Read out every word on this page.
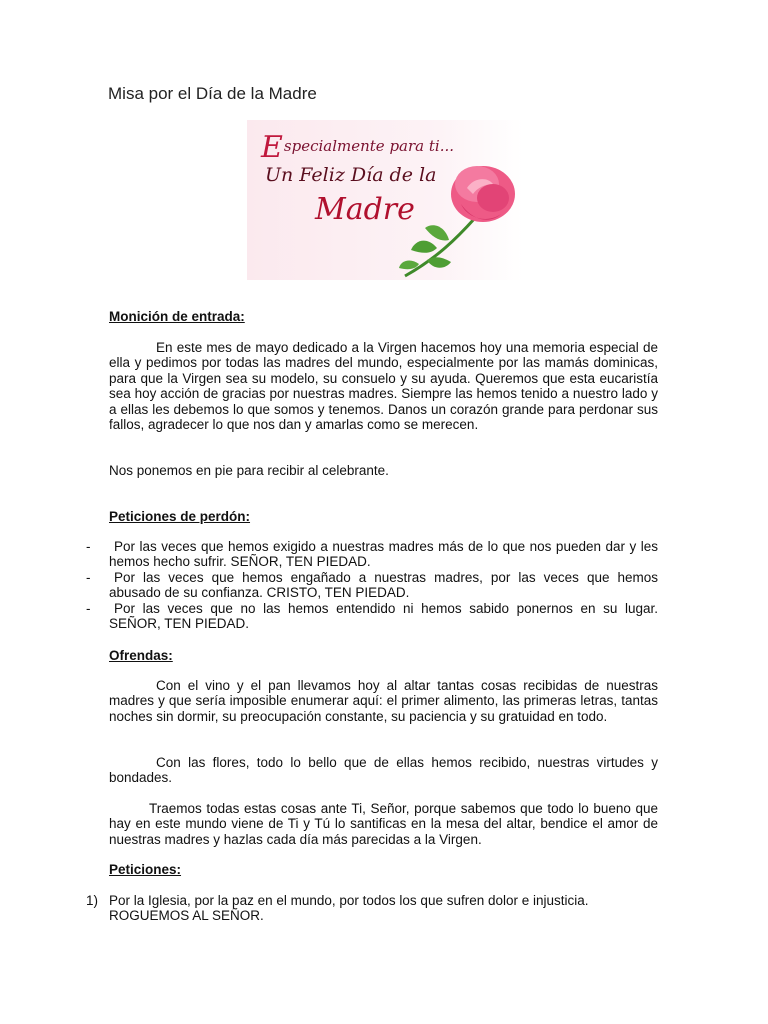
Misa por el Día de la Madre
Especialmente para ti...
Un Feliz Día de la
Madre
Monición de entrada:

En este mes de mayo dedicado a la Virgen hacemos hoy una memoria especial de ella y pedimos por todas las madres del mundo, especialmente por las mamás dominicas, para que la Virgen sea su modelo, su consuelo y su ayuda. Queremos que esta eucaristía sea hoy acción de gracias por nuestras madres. Siempre las hemos tenido a nuestro lado y a ellas les debemos lo que somos y tenemos. Danos un corazón grande para perdonar sus fallos, agradecer lo que nos dan y amarlas como se merecen.

Nos ponemos en pie para recibir al celebrante.

Peticiones de perdón:
-	Por las veces que hemos exigido a nuestras madres más de lo que nos pueden dar y les hemos hecho sufrir. SEÑOR, TEN PIEDAD.

-	Por las veces que hemos engañado a nuestras madres, por las veces que hemos abusado de su confianza. CRISTO, TEN PIEDAD.

-	Por las veces que no las hemos entendido ni hemos sabido ponernos en su lugar. SEÑOR, TEN PIEDAD.

Ofrendas:

Con el vino y el pan llevamos hoy al altar tantas cosas recibidas de nuestras madres y que sería imposible enumerar aquí: el primer alimento, las primeras letras, tantas noches sin dormir, su preocupación constante, su paciencia y su gratuidad en todo.

Con las flores, todo lo bello que de ellas hemos recibido, nuestras virtudes y bondades.

Traemos todas estas cosas ante Ti, Señor, porque sabemos que todo lo bueno que hay en este mundo viene de Ti y Tú lo santificas en la mesa del altar, bendice el amor de nuestras madres y hazlas cada día más parecidas a la Virgen.

Peticiones:
1) Por la Iglesia, por la paz en el mundo, por todos los que sufren dolor e injusticia. ROGUEMOS AL SEÑOR.
